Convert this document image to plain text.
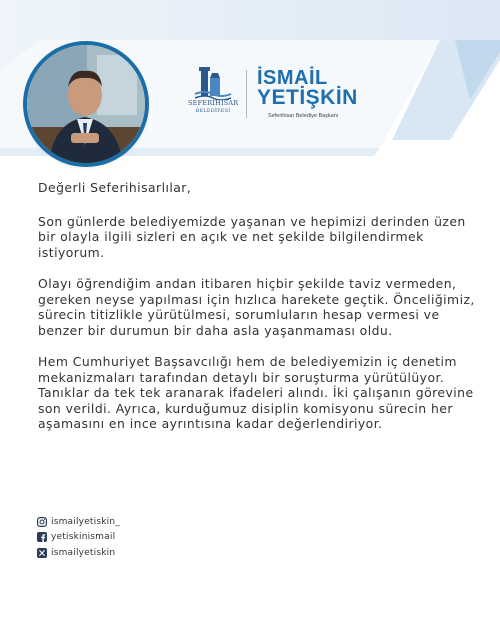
SEFERİHİSAR
BELEDİYESİ
İSMAİL
YETİŞKİN
Seferihisar Belediye Başkanı

Değerli Seferihisarlılar,

Son günlerde belediyemizde yaşanan ve hepimizi derinden üzen bir olayla ilgili sizleri en açık ve net şekilde bilgilendirmek istiyorum.

Olayı öğrendiğim andan itibaren hiçbir şekilde taviz vermeden, gereken neyse yapılması için hızlıca harekete geçtik. Önceliğimiz, sürecin titizlikle yürütülmesi, sorumluların hesap vermesi ve benzer bir durumun bir daha asla yaşanmaması oldu.

Hem Cumhuriyet Başsavcılığı hem de belediyemizin iç denetim mekanizmaları tarafından detaylı bir soruşturma yürütülüyor. Tanıklar da tek tek aranarak ifadeleri alındı. İki çalışanın görevine son verildi. Ayrıca, kurduğumuz disiplin komisyonu sürecin her aşamasını en ince ayrıntısına kadar değerlendiriyor.

ismailyetiskin_
yetiskinismail
ismailyetiskin
